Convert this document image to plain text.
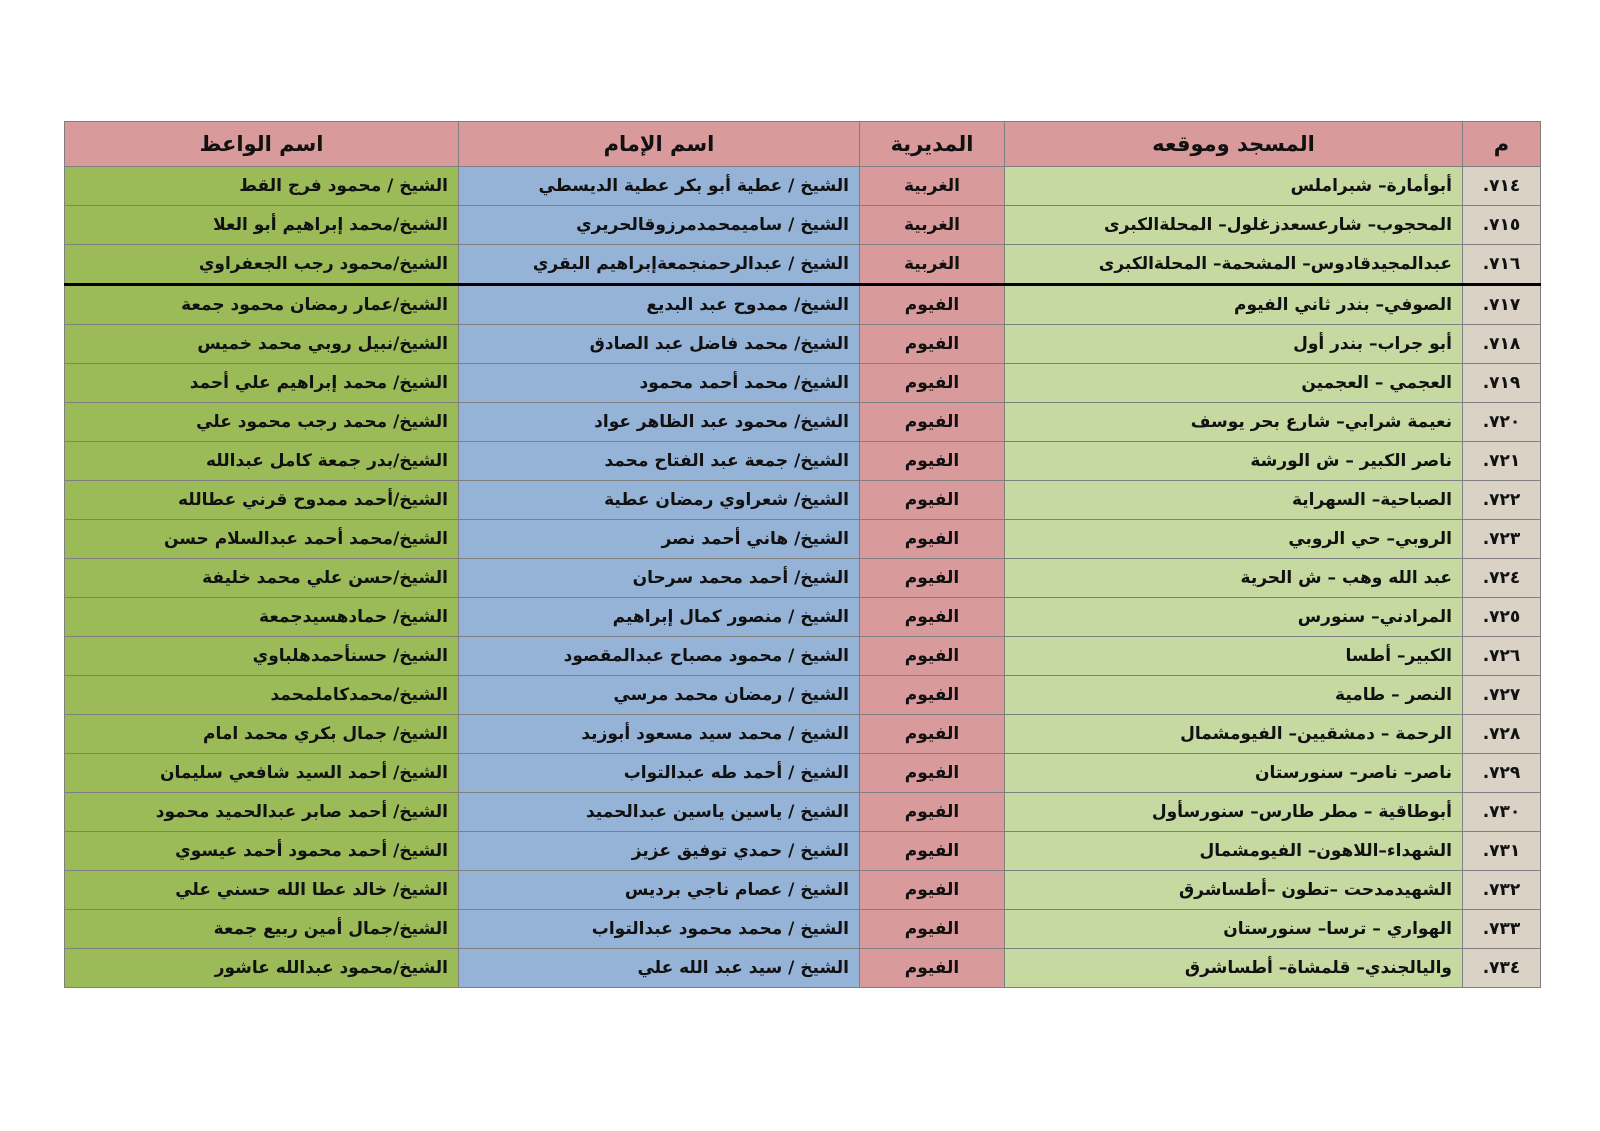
م	المسجد وموقعه	المديرية	اسم الإمام	اسم الواعظ
٧١٤.	أبوأمارة– شبراملس	الغربية	الشيخ / عطية أبو بكر عطية الديسطي	الشيخ / محمود فرج القط
٧١٥.	المحجوب– شارعسعدزغلول– المحلةالكبرى	الغربية	الشيخ / ساميمحمدمرزوقالحريري	الشيخ/محمد إبراهيم أبو العلا
٧١٦.	عبدالمجيدقادوس– المشحمة– المحلةالكبرى	الغربية	الشيخ / عبدالرحمنجمعةإبراهيم البقري	الشيخ/محمود رجب الجعفراوي
٧١٧.	الصوفي– بندر ثاني الفيوم	الفيوم	الشيخ/ ممدوح عبد البديع	الشيخ/عمار رمضان محمود جمعة
٧١٨.	أبو جراب– بندر أول	الفيوم	الشيخ/ محمد فاضل عبد الصادق	الشيخ/نبيل روبي محمد خميس
٧١٩.	العجمي – العجمين	الفيوم	الشيخ/ محمد أحمد محمود	الشيخ/ محمد إبراهيم علي أحمد
٧٢٠.	نعيمة شرابي– شارع بحر يوسف	الفيوم	الشيخ/ محمود عبد الظاهر عواد	الشيخ/ محمد رجب محمود علي
٧٢١.	ناصر الكبير – ش الورشة	الفيوم	الشيخ/ جمعة عبد الفتاح محمد	الشيخ/بدر جمعة كامل عبدالله
٧٢٢.	الصباحية– السهراية	الفيوم	الشيخ/ شعراوي رمضان عطية	الشيخ/أحمد ممدوح قرني عطالله
٧٢٣.	الروبي– حي الروبي	الفيوم	الشيخ/ هاني أحمد نصر	الشيخ/محمد أحمد عبدالسلام حسن
٧٢٤.	عبد الله وهب – ش الحرية	الفيوم	الشيخ/ أحمد محمد سرحان	الشيخ/حسن علي محمد خليفة
٧٢٥.	المرادني– سنورس	الفيوم	الشيخ / منصور كمال إبراهيم	الشيخ/ حمادهسيدجمعة
٧٢٦.	الكبير– أطسا	الفيوم	الشيخ / محمود مصباح عبدالمقصود	الشيخ/ حسنأحمدهلباوي
٧٢٧.	النصر – طامية	الفيوم	الشيخ / رمضان محمد مرسي	الشيخ/محمدكاملمحمد
٧٢٨.	الرحمة – دمشقيين– الفيومشمال	الفيوم	الشيخ / محمد سيد مسعود أبوزيد	الشيخ/ جمال بكري محمد امام
٧٢٩.	ناصر– ناصر– سنورستان	الفيوم	الشيخ / أحمد طه عبدالتواب	الشيخ/ أحمد السيد شافعي سليمان
٧٣٠.	أبوطاقية – مطر طارس– سنورسأول	الفيوم	الشيخ / ياسين ياسين عبدالحميد	الشيخ/ أحمد صابر عبدالحميد محمود
٧٣١.	الشهداء–اللاهون– الفيومشمال	الفيوم	الشيخ / حمدي توفيق عزيز	الشيخ/ أحمد محمود أحمد عيسوي
٧٣٢.	الشهيدمدحت –تطون –أطساشرق	الفيوم	الشيخ / عصام ناجي برديس	الشيخ/ خالد عطا الله حسني علي
٧٣٣.	الهواري – ترسا– سنورستان	الفيوم	الشيخ / محمد محمود عبدالتواب	الشيخ/جمال أمين ربيع جمعة
٧٣٤.	واليالجندي– قلمشاة– أطساشرق	الفيوم	الشيخ / سيد عبد الله علي	الشيخ/محمود عبدالله عاشور
